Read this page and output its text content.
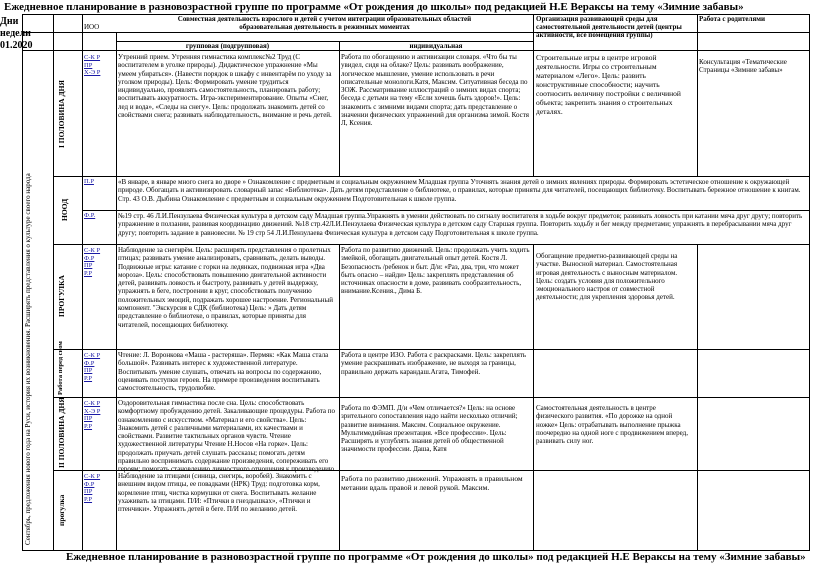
Ежедневное планирование в разновозрастной группе по программе «От рождения до школы» под редакцией Н.Е Вераксы на тему «Зимние забавы»
Дни
недели
01.2020
Совместная деятельность взрослого и детей с учетом интеграции образовательных областей
образовательная деятельность в режимных моментах
ИОО
групповая (подгрупповая)	индивидуальная
Организация развивающей среды для самостоятельной деятельности детей (центры активности, все помещения группы)
Работа с родителями
Сентябрь, предложения нового года на Руси, история их возникновения. Расширять представления о культуре своего народа
I ПОЛОВИНА ДНЯ
НООД
ПРОГУЛКА
Работа перед сном
II ПОЛОВИНА ДНЯ
прогулка
С-К Р
ПР
Х-Э Р
П.Р
Ф.Р.
С-К Р
Ф.Р
ПР
Р.Р
С-К Р
Ф.Р
ПР
Р.Р
С-К Р
Х-Э Р
ПР
Р.Р
С-К Р
Ф.Р
ПР
Р.Р
Утренний прием. Утренняя гимнастика комплекс№2 Труд (С воспитателем в уголке природы). Дидактическое упражнение «Мы умеем убираться». (Навести порядок в шкафу с инвентарём по уходу за уголком природы). Цель: Формировать умение трудиться индивидуально, проявлять самостоятельность, планировать работу; воспитывать аккуратность. Игра-экспериментирование. Опыты «Снег, лед и вода», «Следы на снегу». Цель: продолжать знакомить детей со свойствами снега; развивать наблюдательность, внимание и речь детей.
Работа по обогащению и активизации словаря. «Что бы ты увидел, сидя на облаке? Цель: развивать воображение, логическое мышление, умение использовать в речи описательные монологи.Катя, Максим. Ситуативная беседа по ЗОЖ. Рассматривание иллюстраций о зимних видах спорта; беседа с детьми на тему «Если хочешь быть здоров!». Цель: знакомить с зимними видами спорта; дать представление о значении физических упражнений для организма зимой. Костя Л, Ксения.
Строительные игры в центре игровой деятельности. Игры со строительным материалом «Лего». Цель: развить конструктивные способности; научить соотносить величину постройки с величиной объекта; закрепить знания о строительных деталях.
Консультация «Тематические Страницы «Зимние забавы»
«В январе, в январе много снега во дворе » Ознакомление с предметным и социальным окружением Младшая группа Уточнять знания детей о зимних явлениях природы. Формировать эстетическое отношение к окружающей природе. Обогащать и активизировать словарный запас «Библиотека». Дать детям представление о библиотеке, о правилах, которые приняты для читателей, посещающих библиотеку. Воспитывать бережное отношение к книгам. Стр. 43 О.В. Дыбина Ознакомление с предметным и социальным окружением Подготовительная к школе группа.
№19 стр. 46 Л.И.Пензулаева Физическая культура в детском саду Младшая группа.Упражнять в умении действовать по сигналу воспитателя в ходьбе вокруг предметов; развивать ловкость при катании мяча друг другу; повторить упражнение в ползании, развивая координацию движений. №18 стр.42Л.И.Пензулаева Физическая культура в детском саду Старшая группа. Повторить ходьбу и бег между предметами; упражнять в перебрасывании мяча друг другу; повторить задание в равновесии. № 19 стр 54 Л.И.Пензулаева Физическая культура в детском саду Подготовительная к школе группа.
Наблюдение за снегирём. Цель: расширять представления о пролетных птицах; развивать умение анализировать, сравнивать, делать выводы. Подвижные игры: катание с горки на ледянках, подвижная игра «Два мороза». Цель: способствовать повышению двигательной активности детей, развивать ловкость и быстроту, развивать у детей выдержку, упражнять в беге, построении в круг, способствовать получению положительных эмоций, подражать хорошее настроение. Региональный компонент. "Экскурсия в СДК (библиотека) Цель: » Дать детям представление о библиотеке, о правилах, которые приняты для читателей, посещающих библиотеку.
Работа по развитию движений. Цель: продолжать учить ходить змейкой, обогащать двигательный опыт детей. Костя Л. Безопасность /ребенок и быт. Д/и: «Раз, два, три, что может быть опасно – найди» Цель: закреплять представления об источниках опасности в доме, развивать сообразительность, внимание.Ксения., Дима Б.
Обогащение предметно-развивающей среды на участке. Выносной материал. Самостоятельная игровая деятельность с выносным материалом. Цель: создать условия для положительного эмоционального настроя от совместной деятельности; для укрепления здоровья детей.
Чтение: Л. Воронкова «Маша - растеряша». Пермяк: «Как Маша стала большой». Развивать интерес к художественной литературе. Воспитывать умение слушать, отвечать на вопросы по содержанию, оценивать поступки героев. На примере произведения воспитывать самостоятельность, трудолюбие.
Работа в центре ИЗО. Работа с раскрасками. Цель: закреплять умение раскрашивать изображение, не выходя за границы, правильно держать карандаш.Агата, Тимофей.
Оздоровительная гимнастика после сна. Цель: способствовать комфортному пробуждению детей. Закаливающие процедуры. Работа по ознакомлению с искусством. «Материал и его свойства». Цель: Знакомить детей с различными материалами, их качествами и свойствами. Развитие тактильных органов чувств. Чтение художественной литературы Чтение Н.Носов «На горке». Цель: продолжать приучать детей слушать рассказы; помогать детям правильно воспринимать содержание произведения, сопереживать его героям; помогать становлению личностного отношения к произведению.
Работа по ФЭМП. Д/и «Чем отличается?» Цель: на основе зрительного сопоставления надо найти несколько отличий; развитие внимания. Максим. Социальное окружение. Мультимедийная презентация. «Все профессии». Цель: Расширять и углублять знания детей об общественной значимости профессии. Даша, Катя
Самостоятельная деятельность в центре физического развития. «По дорожке на одной ножке» Цель: отрабатывать выполнение прыжка поочередно на одной ноге с продвижением вперед, развивать силу ног.
Наблюдение за птицами (синица, снегирь, воробей). Знакомить с внешним видом птицы, ее повадками (НРК) Труд: подготовка корм, кормление птиц, чистка кормушки от снега. Воспитывать желание ухаживать за птицами. П/И: «Птички в гнездышках», «Птички и птенчики». Упражнять детей в беге. П/И по желанию детей.
Работа по развитию движений. Упражнять в правильном метании вдаль правой и левой рукой. Максим.
Ежедневное планирование в разновозрастной группе по программе «От рождения до школы» под редакцией Н.Е Вераксы на тему «Зимние забавы»
